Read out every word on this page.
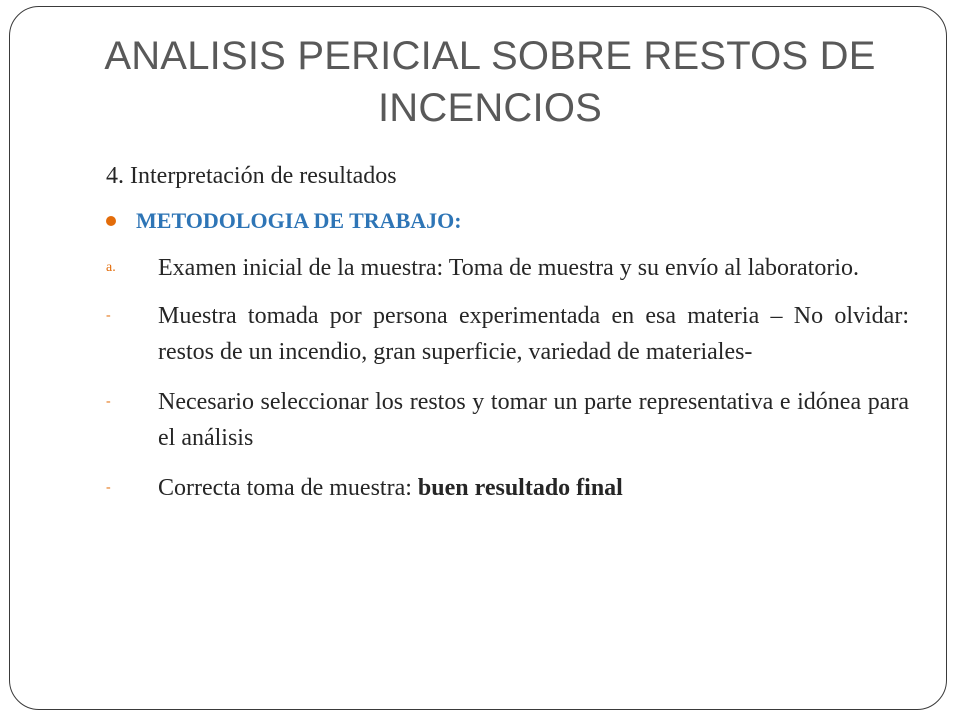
ANALISIS PERICIAL SOBRE RESTOS DE INCENCIOS
4. Interpretación de resultados
METODOLOGIA DE TRABAJO:
a.	Examen inicial de la muestra: Toma de muestra y su envío al laboratorio.
-	Muestra tomada por persona experimentada en esa materia – No olvidar: restos de un incendio, gran superficie, variedad de materiales-
-	Necesario seleccionar los restos y tomar un parte representativa e idónea para el análisis
-	Correcta toma de muestra: buen resultado final
